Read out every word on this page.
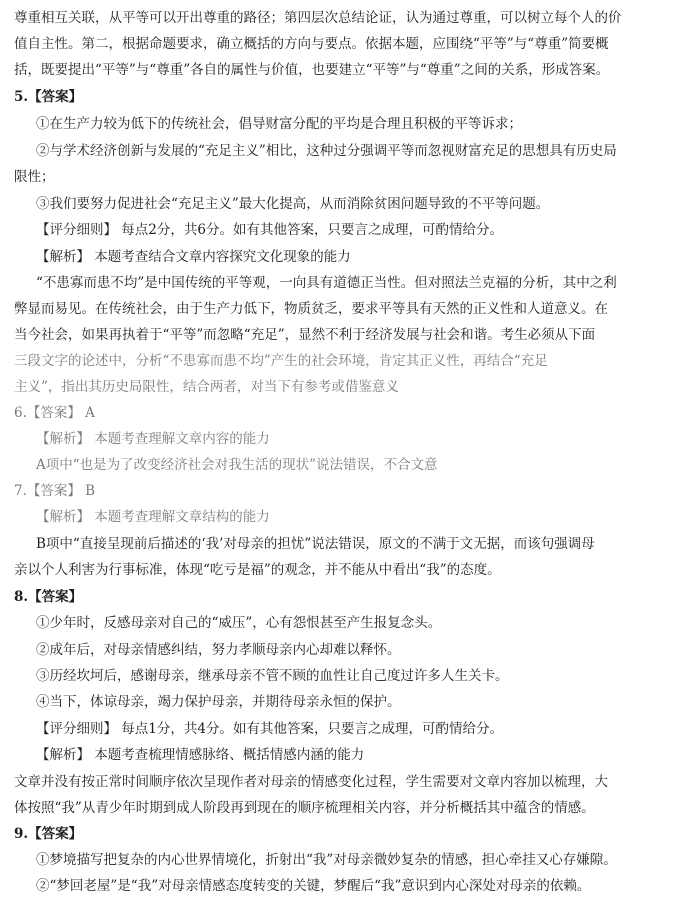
尊重相互关联，从平等可以开出尊重的路径；第四层次总结论证，认为通过尊重，可以树立每个人的价
值自主性。第二，根据命题要求，确立概括的方向与要点。依据本题，应围绕“平等”与“尊重”简要概
括，既要提出“平等”与“尊重”各自的属性与价值，也要建立“平等”与“尊重”之间的关系，形成答案。
5.【答案】
①在生产力较为低下的传统社会，倡导财富分配的平均是合理且积极的平等诉求；
②与学术经济创新与发展的“充足主义”相比，这种过分强调平等而忽视财富充足的思想具有历史局
限性；
③我们要努力促进社会“充足主义”最大化提高，从而消除贫困问题导致的不平等问题。
【评分细则】 每点2分，共6分。如有其他答案，只要言之成理，可酌情给分。
【解析】 本题考查结合文章内容探究文化现象的能力
“不患寡而患不均”是中国传统的平等观，一向具有道德正当性。但对照法兰克福的分析，其中之利
弊显而易见。在传统社会，由于生产力低下，物质贫乏，要求平等具有天然的正义性和人道意义。在
当今社会，如果再执着于“平等”而忽略“充足”，显然不利于经济发展与社会和谐。考生必须从下面
三段文字的论述中，分析“不患寡而患不均”产生的社会环境，肯定其正义性，再结合“充足
主义”，指出其历史局限性，结合两者，对当下有参考或借鉴意义
6.【答案】 A
【解析】 本题考查理解文章内容的能力
A项中“也是为了改变经济社会对我生活的现状”说法错误，不合文意
7.【答案】 B
【解析】 本题考查理解文章结构的能力
B项中“直接呈现前后描述的‘我’对母亲的担忧”说法错误，原文的不满于文无据，而该句强调母
亲以个人利害为行事标准，体现“吃亏是福”的观念，并不能从中看出“我”的态度。
8.【答案】
①少年时，反感母亲对自己的“威压”，心有怨恨甚至产生报复念头。
②成年后，对母亲情感纠结，努力孝顺母亲内心却难以释怀。
③历经坎坷后，感谢母亲，继承母亲不管不顾的血性让自己度过许多人生关卡。
④当下，体谅母亲，竭力保护母亲，并期待母亲永恒的保护。
【评分细则】 每点1分，共4分。如有其他答案，只要言之成理，可酌情给分。
【解析】 本题考查梳理情感脉络、概括情感内涵的能力
文章并没有按正常时间顺序依次呈现作者对母亲的情感变化过程，学生需要对文章内容加以梳理，大
体按照“我”从青少年时期到成人阶段再到现在的顺序梳理相关内容，并分析概括其中蕴含的情感。
9.【答案】
①梦境描写把复杂的内心世界情境化，折射出“我”对母亲微妙复杂的情感，担心牵挂又心存嫌隙。
②“梦回老屋”是“我”对母亲情感态度转变的关键，梦醒后“我”意识到内心深处对母亲的依赖。
